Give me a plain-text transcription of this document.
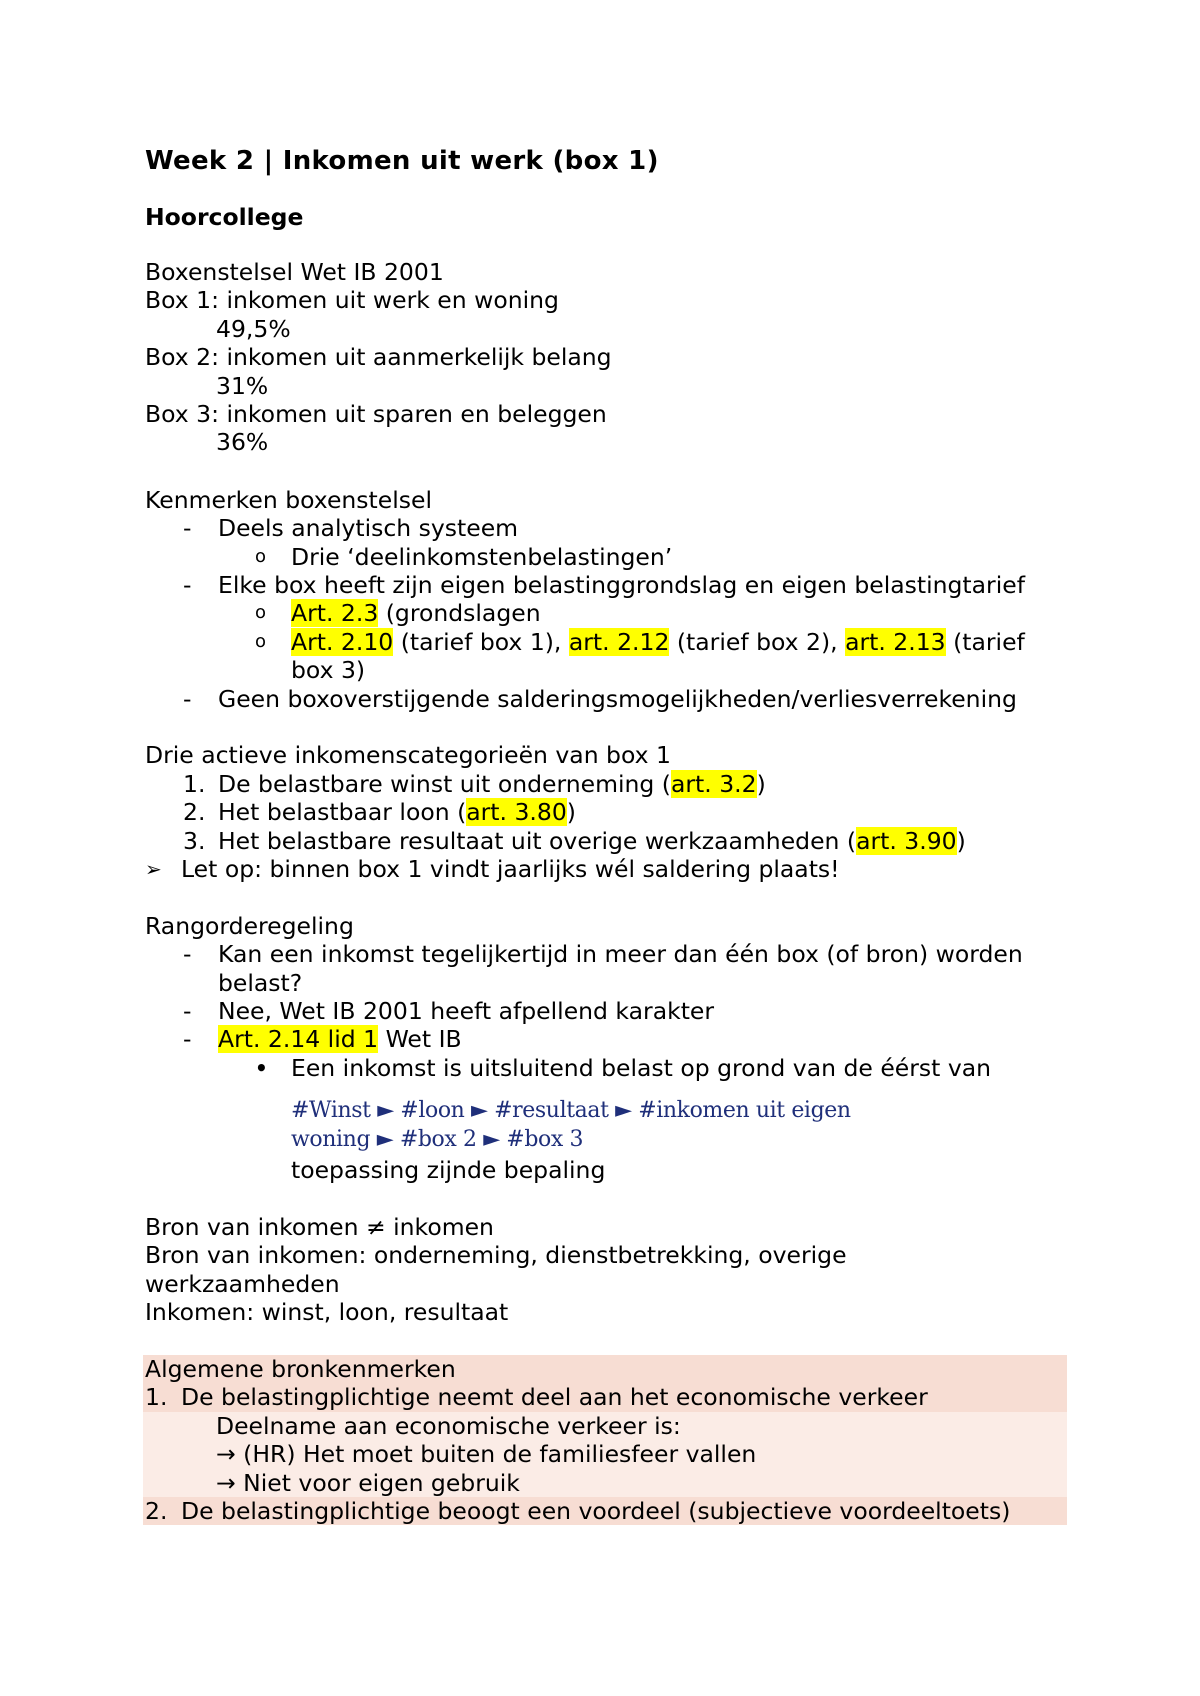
Week 2 | Inkomen uit werk (box 1)
Hoorcollege
Boxenstelsel Wet IB 2001
Box 1: inkomen uit werk en woning
49,5%
Box 2: inkomen uit aanmerkelijk belang
31%
Box 3: inkomen uit sparen en beleggen
36%
Kenmerken boxenstelsel
- Deels analytisch systeem
o Drie ‘deelinkomstenbelastingen’
- Elke box heeft zijn eigen belastinggrondslag en eigen belastingtarief
o Art. 2.3 (grondslagen
o Art. 2.10 (tarief box 1), art. 2.12 (tarief box 2), art. 2.13 (tarief
box 3)
- Geen boxoverstijgende salderingsmogelijkheden/verliesverrekening
Drie actieve inkomenscategorieën van box 1
1. De belastbare winst uit onderneming (art. 3.2)
2. Het belastbaar loon (art. 3.80)
3. Het belastbare resultaat uit overige werkzaamheden (art. 3.90)
➢ Let op: binnen box 1 vindt jaarlijks wél saldering plaats!
Rangorderegeling
- Kan een inkomst tegelijkertijd in meer dan één box (of bron) worden
belast?
- Nee, Wet IB 2001 heeft afpellend karakter
- Art. 2.14 lid 1 Wet IB
• Een inkomst is uitsluitend belast op grond van de éérst van
#Winst ► #loon ► #resultaat ► #inkomen uit eigen
woning ► #box 2 ► #box 3
toepassing zijnde bepaling
Bron van inkomen ≠ inkomen
Bron van inkomen: onderneming, dienstbetrekking, overige
werkzaamheden
Inkomen: winst, loon, resultaat
Algemene bronkenmerken
1. De belastingplichtige neemt deel aan het economische verkeer
Deelname aan economische verkeer is:
→ (HR) Het moet buiten de familiesfeer vallen
→ Niet voor eigen gebruik
2. De belastingplichtige beoogt een voordeel (subjectieve voordeeltoets)
